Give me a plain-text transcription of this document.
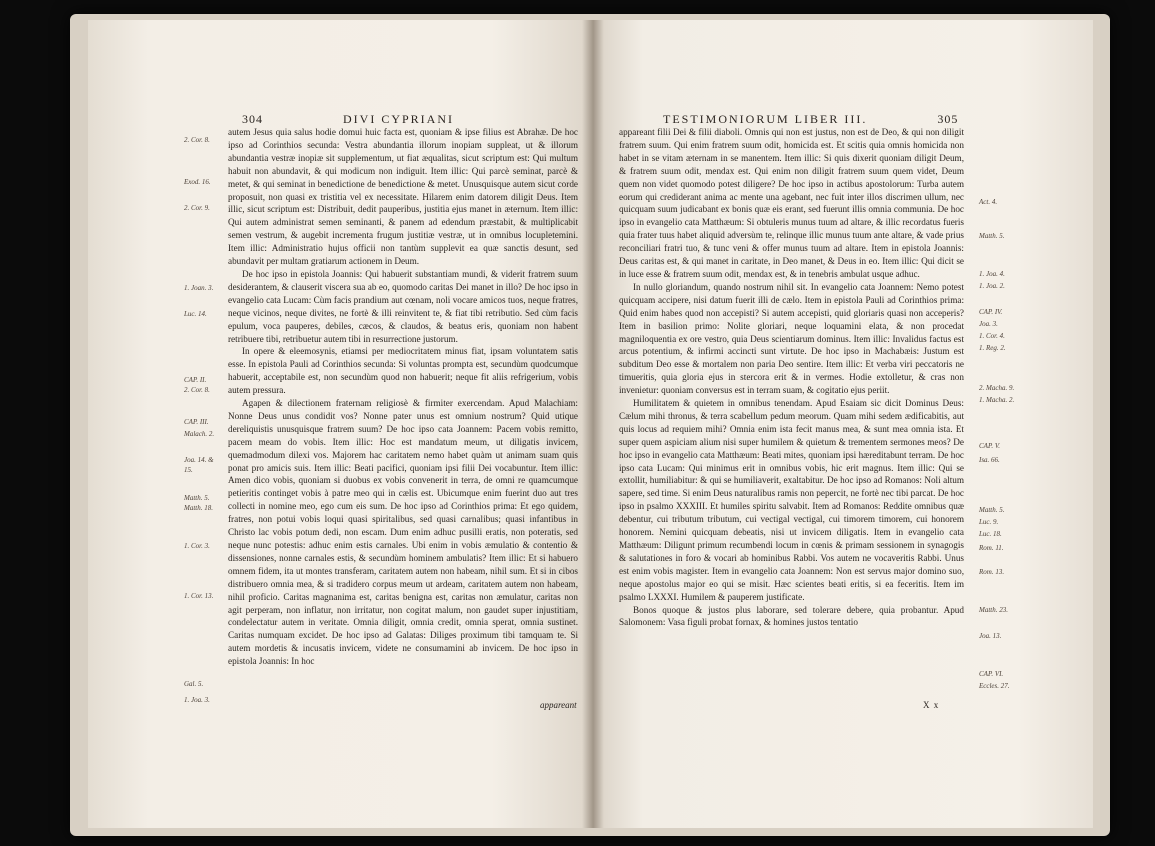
304	DIVI CYPRIANI

autem Jesus quia salus hodie domui huic facta est, quoniam & ipse filius est Abrahæ. De hoc ipso ad Corinthios secunda: Vestra abundantia illorum inopiam suppleat, ut & illorum abundantia vestræ inopiæ sit supplementum, ut fiat æqualitas, sicut scriptum est: Qui multum habuit non abundavit, & qui modicum non indiguit. Item illic: Qui parcè seminat, parcè & metet, & qui seminat in benedictione de benedictione & metet. Unusquisque autem sicut corde proposuit, non quasi ex tristitia vel ex necessitate. Hilarem enim datorem diligit Deus. Item illic, sicut scriptum est: Distribuit, dedit pauperibus, justitia ejus manet in æternum. Item illic: Qui autem administrat semen seminanti, & panem ad edendum præstabit, & multiplicabit semen vestrum, & augebit incrementa frugum justitiæ vestræ, ut in omnibus locupletemini. Item illic: Administratio hujus officii non tantùm supplevit ea quæ sanctis desunt, sed abundavit per multam gratiarum actionem in Deum.

De hoc ipso in epistola Joannis: Qui habuerit substantiam mundi, & viderit fratrem suum desiderantem, & clauserit viscera sua ab eo, quomodo caritas Dei manet in illo? De hoc ipso in evangelio cata Lucam: Cùm facis prandium aut cœnam, noli vocare amicos tuos, neque fratres, neque vicinos, neque divites, ne fortè & illi reinvitent te, & fiat tibi retributio. Sed cùm facis epulum, voca pauperes, debiles, cæcos, & claudos, & beatus eris, quoniam non habent retribuere tibi, retribuetur autem tibi in resurrectione justorum.

In opere & eleemosynis, etiamsi per mediocritatem minus fiat, ipsam voluntatem satis esse. In epistola Pauli ad Corinthios secunda: Si voluntas prompta est, secundùm quodcumque habuerit, acceptabile est, non secundùm quod non habuerit; neque fit aliis refrigerium, vobis autem pressura.

Agapen & dilectionem fraternam religiosè & firmiter exercendam. Apud Malachiam: Nonne Deus unus condidit vos? Nonne pater unus est omnium nostrum? Quid utique dereliquistis unusquisque fratrem suum? De hoc ipso cata Joannem: Pacem vobis remitto, pacem meam do vobis. Item illic: Hoc est mandatum meum, ut diligatis invicem, quemadmodum dilexi vos. Majorem hac caritatem nemo habet quàm ut animam suam quis ponat pro amicis suis. Item illic: Beati pacifici, quoniam ipsi filii Dei vocabuntur. Item illic: Amen dico vobis, quoniam si duobus ex vobis convenerit in terra, de omni re quamcumque petieritis continget vobis à patre meo qui in cælis est. Ubicumque enim fuerint duo aut tres collecti in nomine meo, ego cum eis sum. De hoc ipso ad Corinthios prima: Et ego quidem, fratres, non potui vobis loqui quasi spiritalibus, sed quasi carnalibus; quasi infantibus in Christo lac vobis potum dedi, non escam. Dum enim adhuc pusilli eratis, non poteratis, sed neque nunc potestis: adhuc enim estis carnales. Ubi enim in vobis æmulatio & contentio & dissensiones, nonne carnales estis, & secundùm hominem ambulatis? Item illic: Et si habuero omnem fidem, ita ut montes transferam, caritatem autem non habeam, nihil sum. Et si in cibos distribuero omnia mea, & si tradidero corpus meum ut ardeam, caritatem autem non habeam, nihil proficio. Caritas magnanima est, caritas benigna est, caritas non æmulatur, caritas non agit perperam, non inflatur, non irritatur, non cogitat malum, non gaudet super injustitiam, condelectatur autem in veritate. Omnia diligit, omnia credit, omnia sperat, omnia sustinet. Caritas numquam excidet. De hoc ipso ad Galatas: Diliges proximum tibi tamquam te. Si autem mordetis & incusatis invicem, videte ne consumamini ab invicem. De hoc ipso in epistola Joannis: In hoc

appareant
2. Cor. 8.
Exod. 16.
2. Cor. 9.
1. Joan. 3.
Luc. 14.
CAP. II.
2. Cor. 8.
CAP. III.
Malach. 2.
Joa. 14. &
15.
Matth. 5.
Matth. 18.
1. Cor. 3.
1. Cor. 13.
Gal. 5.
1. Joa. 3.
TESTIMONIORUM LIBER III.	305

appareant filii Dei & filii diaboli. Omnis qui non est justus, non est de Deo, & qui non diligit fratrem suum. Qui enim fratrem suum odit, homicida est. Et scitis quia omnis homicida non habet in se vitam æternam in se manentem. Item illic: Si quis dixerit quoniam diligit Deum, & fratrem suum odit, mendax est. Qui enim non diligit fratrem suum quem videt, Deum quem non videt quomodo potest diligere? De hoc ipso in actibus apostolorum: Turba autem eorum qui crediderant anima ac mente una agebant, nec fuit inter illos discrimen ullum, nec quicquam suum judicabant ex bonis quæ eis erant, sed fuerunt illis omnia communia. De hoc ipso in evangelio cata Matthæum: Si obtuleris munus tuum ad altare, & illic recordatus fueris quia frater tuus habet aliquid adversùm te, relinque illic munus tuum ante altare, & vade prius reconciliari fratri tuo, & tunc veni & offer munus tuum ad altare. Item in epistola Joannis: Deus caritas est, & qui manet in caritate, in Deo manet, & Deus in eo. Item illic: Qui dicit se in luce esse & fratrem suum odit, mendax est, & in tenebris ambulat usque adhuc.

In nullo gloriandum, quando nostrum nihil sit. In evangelio cata Joannem: Nemo potest quicquam accipere, nisi datum fuerit illi de cælo. Item in epistola Pauli ad Corinthios prima: Quid enim habes quod non accepisti? Si autem accepisti, quid gloriaris quasi non acceperis? Item in basilion primo: Nolite gloriari, neque loquamini elata, & non procedat magniloquentia ex ore vestro, quia Deus scientiarum dominus. Item illic: Invalidus factus est arcus potentium, & infirmi accincti sunt virtute. De hoc ipso in Machabæis: Justum est subditum Deo esse & mortalem non paria Deo sentire. Item illic: Et verba viri peccatoris ne timueritis, quia gloria ejus in stercora erit & in vermes. Hodie extolletur, & cras non invenietur: quoniam conversus est in terram suam, & cogitatio ejus periit.

Humilitatem & quietem in omnibus tenendam. Apud Esaiam sic dicit Dominus Deus: Cælum mihi thronus, & terra scabellum pedum meorum. Quam mihi sedem ædificabitis, aut quis locus ad requiem mihi? Omnia enim ista fecit manus mea, & sunt mea omnia ista. Et super quem aspiciam alium nisi super humilem & quietum & trementem sermones meos? De hoc ipso in evangelio cata Matthæum: Beati mites, quoniam ipsi hæreditabunt terram. De hoc ipso cata Lucam: Qui minimus erit in omnibus vobis, hic erit magnus. Item illic: Qui se extollit, humiliabitur: & qui se humiliaverit, exaltabitur. De hoc ipso ad Romanos: Noli altum sapere, sed time. Si enim Deus naturalibus ramis non pepercit, ne fortè nec tibi parcat. De hoc ipso in psalmo XXXIII. Et humiles spiritu salvabit. Item ad Romanos: Reddite omnibus quæ debentur, cui tributum tributum, cui vectigal vectigal, cui timorem timorem, cui honorem honorem. Nemini quicquam debeatis, nisi ut invicem diligatis. Item in evangelio cata Matthæum: Diligunt primum recumbendi locum in cœnis & primam sessionem in synagogis & salutationes in foro & vocari ab hominibus Rabbi. Vos autem ne vocaveritis Rabbi. Unus est enim vobis magister. Item in evangelio cata Joannem: Non est servus major domino suo, neque apostolus major eo qui se misit. Hæc scientes beati eritis, si ea feceritis. Item im psalmo LXXXI. Humilem & pauperem justificate.

Bonos quoque & justos plus laborare, sed tolerare debere, quia probantur. Apud Salomonem: Vasa figuli probat fornax, & homines justos tentatio

X x
Act. 4.
Matth. 5.
1. Joa. 4.
1. Joa. 2.
CAP. IV.
Joa. 3.
1. Cor. 4.
1. Reg. 2.
2. Macha. 9.
1. Macha. 2.
CAP. V.
Isa. 66.
Matth. 5.
Luc. 9.
Luc. 18.
Rom. 11.
Rom. 13.
Matth. 23.
Joa. 13.
CAP. VI.
Eccles. 27.
